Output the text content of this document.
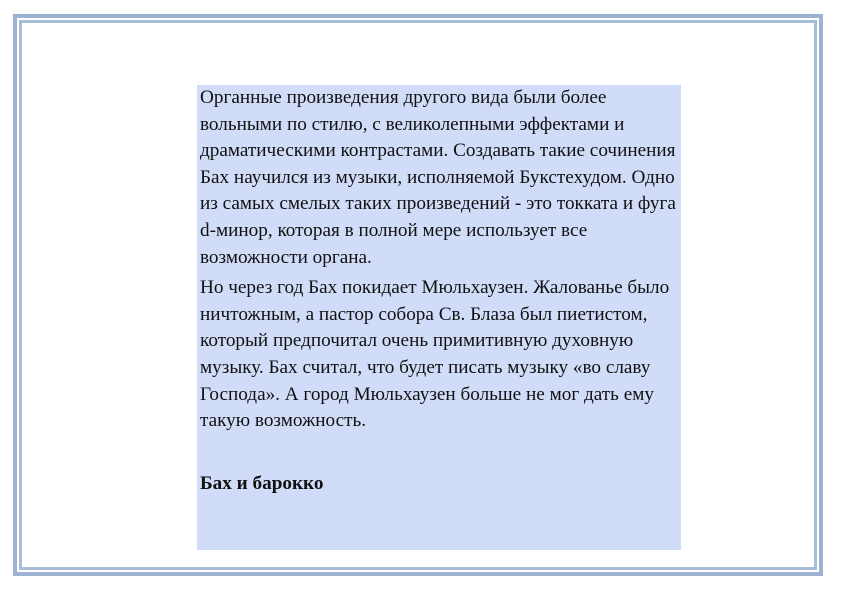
Органные произведения другого вида были более вольными по стилю, с великолепными эффектами и драматическими контрастами. Создавать такие сочинения Бах научился из музыки, исполняемой Букстехудом. Одно из самых смелых таких произведений - это токката и фуга d-минор, которая в полной мере использует все возможности органа.

Но через год Бах покидает Мюльхаузен. Жалованье было ничтожным, а пастор собора Св. Блаза был пиетистом, который предпочитал очень примитивную духовную музыку. Бах считал, что будет писать музыку «во славу Господа». А город Мюльхаузен больше не мог дать ему такую возможность.

Бах и барокко
